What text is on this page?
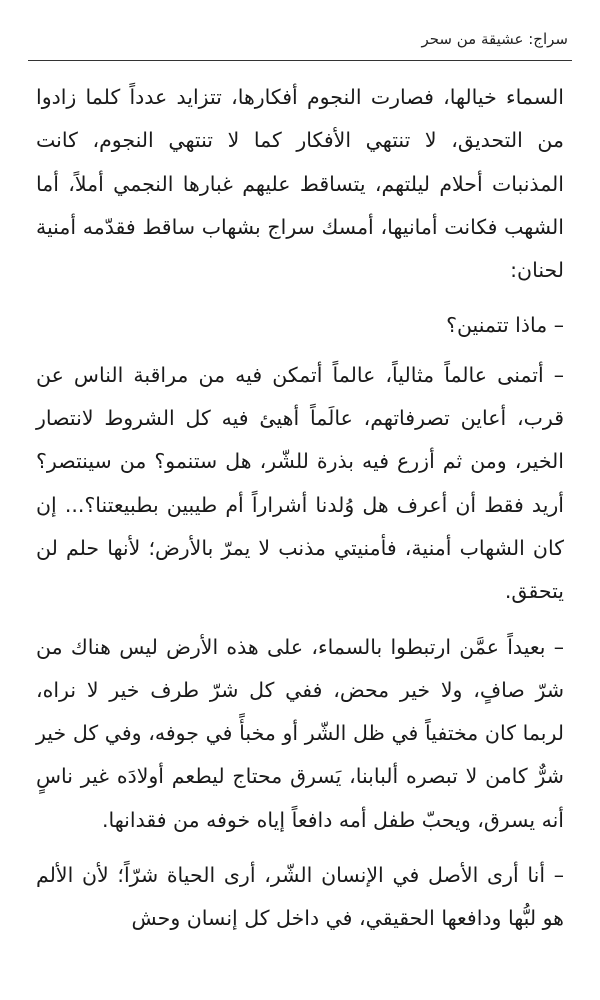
سراج: عشيقة من سحر

السماء خيالها، فصارت النجوم أفكارها، تتزايد عدداً كلما زادوا من التحديق، لا تنتهي الأفكار كما لا تنتهي النجوم، كانت المذنبات أحلام ليلتهم، يتساقط عليهم غبارها النجمي أملاً، أما الشهب فكانت أمانيها، أمسك سراج بشهاب ساقط فقدّمه أمنية لحنان:

– ماذا تتمنين؟

– أتمنى عالماً مثالياً، عالماً أتمكن فيه من مراقبة الناس عن قرب، أعاين تصرفاتهم، عالَماً أهيئ فيه كل الشروط لانتصار الخير، ومن ثم أزرع فيه بذرة للشّر، هل ستنمو؟ من سينتصر؟ أريد فقط أن أعرف هل وُلدنا أشراراً أم طيبين بطبيعتنا؟... إن كان الشهاب أمنية، فأمنيتي مذنب لا يمرّ بالأرض؛ لأنها حلم لن يتحقق.

– بعيداً عمَّن ارتبطوا بالسماء، على هذه الأرض ليس هناك من شرّ صافٍ، ولا خير محض، ففي كل شرّ طرف خير لا نراه، لربما كان مختفياً في ظل الشّر أو مخبأً في جوفه، وفي كل خير شرٌّ كامن لا تبصره ألبابنا، يَسرق محتاج ليطعم أولادَه غير ناسٍ أنه يسرق، ويحبّ طفل أمه دافعاً إياه خوفه من فقدانها.

– أنا أرى الأصل في الإنسان الشّر، أرى الحياة شرّاً؛ لأن الألم هو لبُّها ودافعها الحقيقي، في داخل كل إنسان وحش
